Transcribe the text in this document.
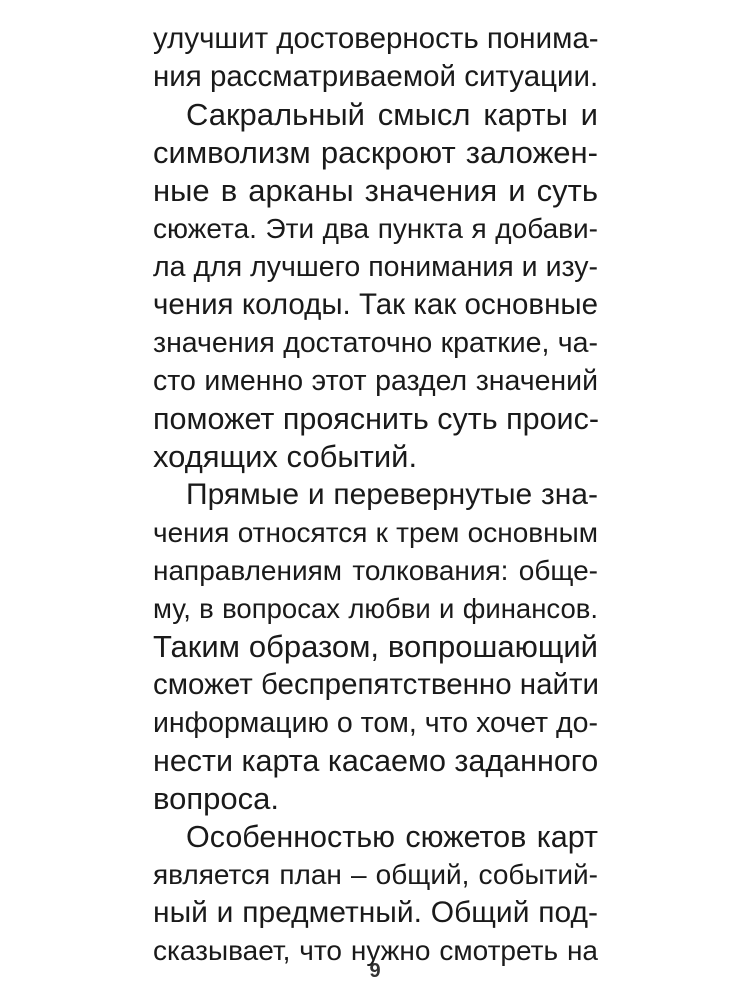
улучшит достоверность понима-
ния рассматриваемой ситуации.
Сакральный смысл карты и
символизм раскроют заложен-
ные в арканы значения и суть
сюжета. Эти два пункта я добави-
ла для лучшего понимания и изу-
чения колоды. Так как основные
значения достаточно краткие, ча-
сто именно этот раздел значений
поможет прояснить суть проис-
ходящих событий.
Прямые и перевернутые зна-
чения относятся к трем основным
направлениям толкования: обще-
му, в вопросах любви и финансов.
Таким образом, вопрошающий
сможет беспрепятственно найти
информацию о том, что хочет до-
нести карта касаемо заданного
вопроса.
Особенностью сюжетов карт
является план – общий, событий-
ный и предметный. Общий под-
сказывает, что нужно смотреть на
9
